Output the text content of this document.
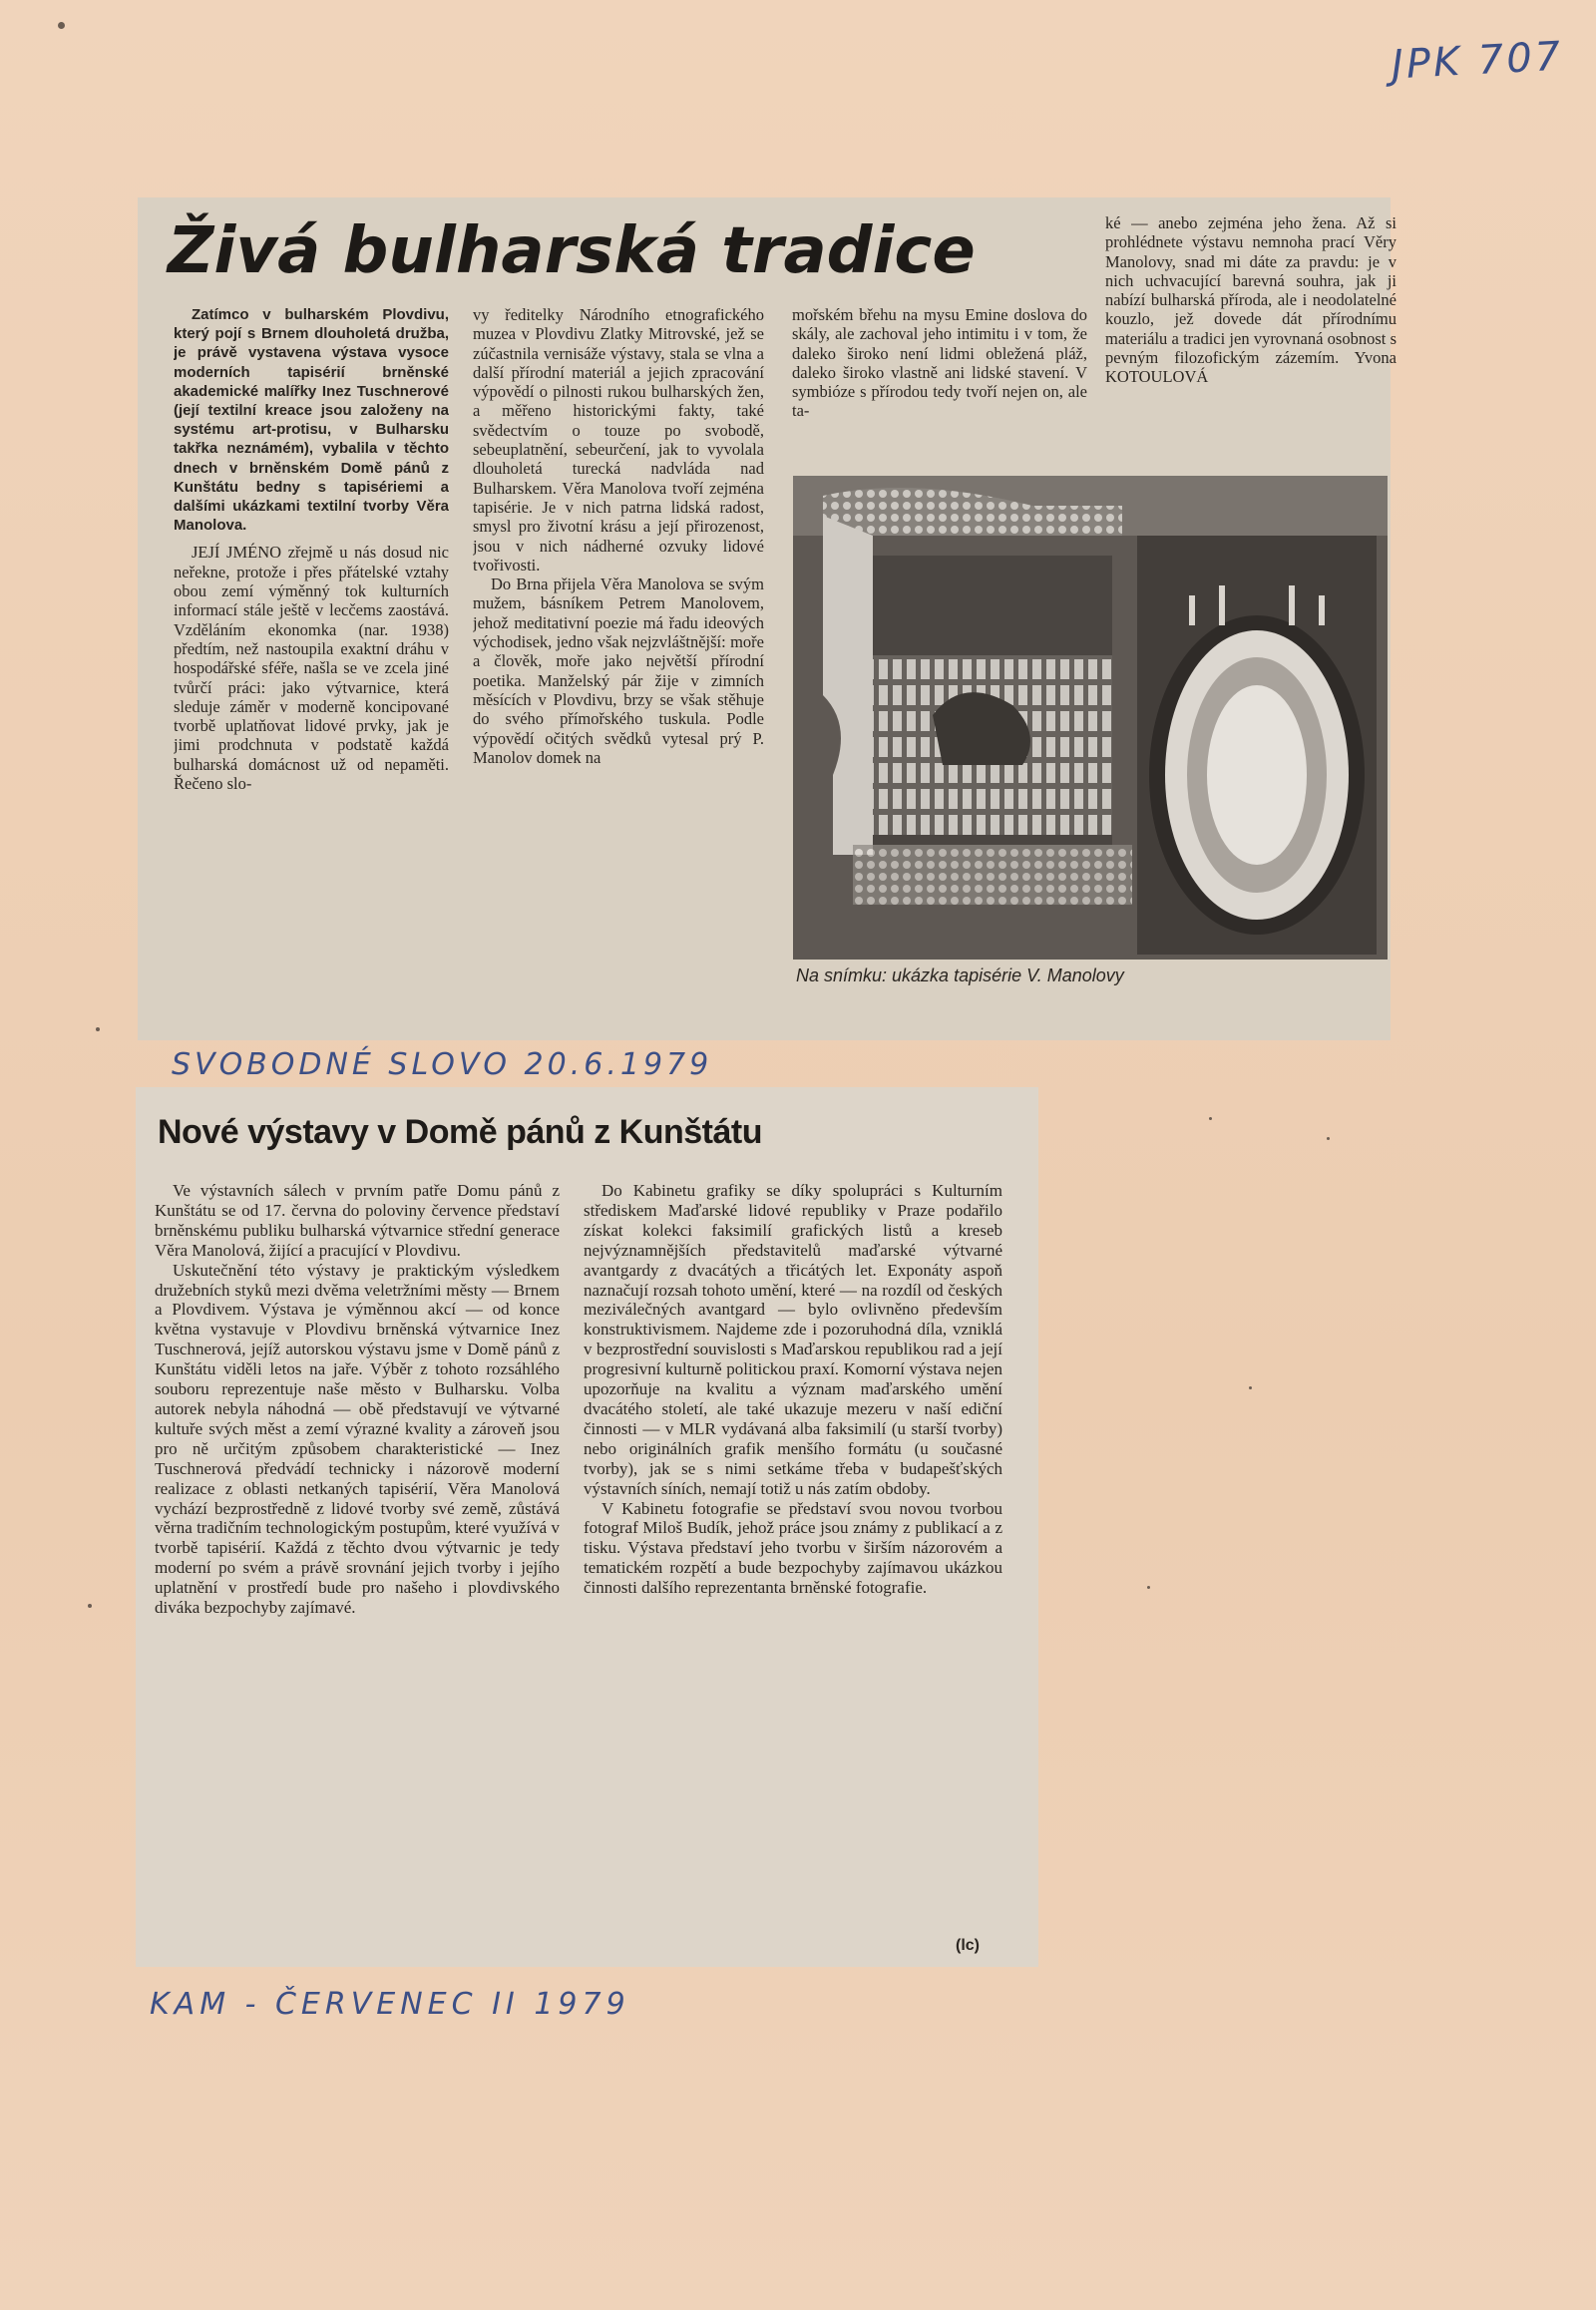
JPK 707
Živá bulharská tradice

Zatímco v bulharském Plovdivu, který pojí s Brnem dlouholetá družba, je právě vystavena výstava vysoce moderních tapisérií brněnské akademické malířky Inez Tuschnerové (její textilní kreace jsou založeny na systému art-protisu, v Bulharsku takřka neznámém), vybalila v těchto dnech v brněnském Domě pánů z Kunštátu bedny s tapisériemi a dalšími ukázkami textilní tvorby Věra Manolova.

JEJÍ JMÉNO zřejmě u nás dosud nic neřekne, protože i přes přátelské vztahy obou zemí výměnný tok kulturních informací stále ještě v lecčems zaostává. Vzděláním ekonomka (nar. 1938) předtím, než nastoupila exaktní dráhu v hospodářské sféře, našla se ve zcela jiné tvůrčí práci: jako výtvarnice, která sleduje záměr v moderně koncipované tvorbě uplatňovat lidové prvky, jak je jimi prodchnuta v podstatě každá bulharská domácnost už od nepaměti. Řečeno slo-

vy ředitelky Národního etnografického muzea v Plovdivu Zlatky Mitrovské, jež se zúčastnila vernisáže výstavy, stala se vlna a další přírodní materiál a jejich zpracování výpovědí o pilnosti rukou bulharských žen, a měřeno historickými fakty, také svědectvím o touze po svobodě, sebeuplatnění, sebeurčení, jak to vyvolala dlouholetá turecká nadvláda nad Bulharskem. Věra Manolova tvoří zejména tapisérie. Je v nich patrna lidská radost, smysl pro životní krásu a její přirozenost, jsou v nich nádherné ozvuky lidové tvořivosti.

Do Brna přijela Věra Manolova se svým mužem, básníkem Petrem Manolovem, jehož meditativní poezie má řadu ideových východisek, jedno však nejzvláštnější: moře a člověk, moře jako největší přírodní poetika. Manželský pár žije v zimních měsících v Plovdivu, brzy se však stěhuje do svého přímořského tuskula. Podle výpovědí očitých svědků vytesal prý P. Manolov domek na

mořském břehu na mysu Emine doslova do skály, ale zachoval jeho intimitu i v tom, že daleko široko není lidmi obležená pláž, daleko široko vlastně ani lidské stavení. V symbióze s přírodou tedy tvoří nejen on, ale ta-

ké — anebo zejména jeho žena. Až si prohlédnete výstavu nemnoha prací Věry Manolovy, snad mi dáte za pravdu: je v nich uchvacující barevná souhra, jak ji nabízí bulharská příroda, ale i neodolatelné kouzlo, jež dovede dát přírodnímu materiálu a tradici jen vyrovnaná osobnost s pevným filozofickým zázemím. Yvona KOTOULOVÁ

Na snímku: ukázka tapisérie V. Manolovy
SVOBODNÉ SLOVO 20.6.1979
Nové výstavy v Domě pánů z Kunštátu

Ve výstavních sálech v prvním patře Domu pánů z Kunštátu se od 17. června do poloviny července představí brněnskému publiku bulharská výtvarnice střední generace Věra Manolová, žijící a pracující v Plovdivu.

Uskutečnění této výstavy je praktickým výsledkem družebních styků mezi dvěma veletržními městy — Brnem a Plovdivem. Výstava je výměnnou akcí — od konce května vystavuje v Plovdivu brněnská výtvarnice Inez Tuschnerová, jejíž autorskou výstavu jsme v Domě pánů z Kunštátu viděli letos na jaře. Výběr z tohoto rozsáhlého souboru reprezentuje naše město v Bulharsku. Volba autorek nebyla náhodná — obě představují ve výtvarné kultuře svých měst a zemí výrazné kvality a zároveň jsou pro ně určitým způsobem charakteristické — Inez Tuschnerová předvádí technicky i názorově moderní realizace z oblasti netkaných tapisérií, Věra Manolová vychází bezprostředně z lidové tvorby své země, zůstává věrna tradičním technologickým postupům, které využívá v tvorbě tapisérií. Každá z těchto dvou výtvarnic je tedy moderní po svém a právě srovnání jejich tvorby i jejího uplatnění v prostředí bude pro našeho i plovdivského diváka bezpochyby zajímavé.

Do Kabinetu grafiky se díky spolupráci s Kulturním střediskem Maďarské lidové republiky v Praze podařilo získat kolekci faksimilí grafických listů a kreseb nejvýznamnějších představitelů maďarské výtvarné avantgardy z dvacátých a třicátých let. Exponáty aspoň naznačují rozsah tohoto umění, které — na rozdíl od českých meziválečných avantgard — bylo ovlivněno především konstruktivismem. Najdeme zde i pozoruhodná díla, vzniklá v bezprostřední souvislosti s Maďarskou republikou rad a její progresivní kulturně politickou praxí. Komorní výstava nejen upozorňuje na kvalitu a význam maďarského umění dvacátého století, ale také ukazuje mezeru v naší ediční činnosti — v MLR vydávaná alba faksimilí (u starší tvorby) nebo originálních grafik menšího formátu (u současné tvorby), jak se s nimi setkáme třeba v budapešťských výstavních síních, nemají totiž u nás zatím obdoby.

V Kabinetu fotografie se představí svou novou tvorbou fotograf Miloš Budík, jehož práce jsou známy z publikací a z tisku. Výstava představí jeho tvorbu v širším názorovém a tematickém rozpětí a bude bezpochyby zajímavou ukázkou činnosti dalšího reprezentanta brněnské fotografie.

(lc)
KAM - ČERVENEC II 1979
